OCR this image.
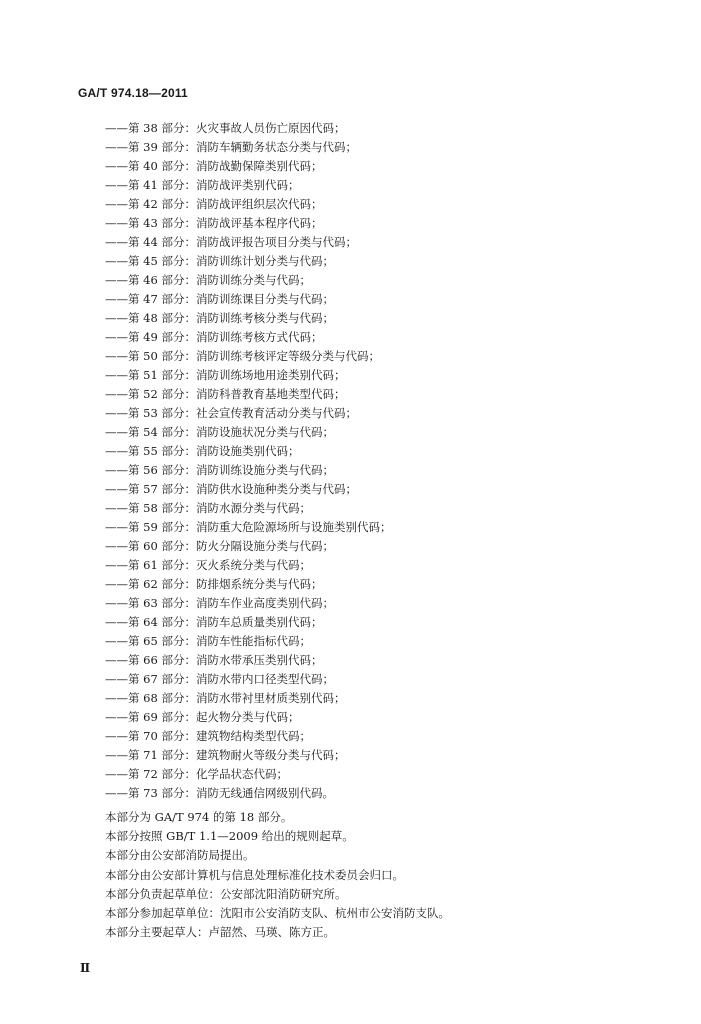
GA/T 974.18—2011
——第 38 部分：火灾事故人员伤亡原因代码；
——第 39 部分：消防车辆勤务状态分类与代码；
——第 40 部分：消防战勤保障类别代码；
——第 41 部分：消防战评类别代码；
——第 42 部分：消防战评组织层次代码；
——第 43 部分：消防战评基本程序代码；
——第 44 部分：消防战评报告项目分类与代码；
——第 45 部分：消防训练计划分类与代码；
——第 46 部分：消防训练分类与代码；
——第 47 部分：消防训练课目分类与代码；
——第 48 部分：消防训练考核分类与代码；
——第 49 部分：消防训练考核方式代码；
——第 50 部分：消防训练考核评定等级分类与代码；
——第 51 部分：消防训练场地用途类别代码；
——第 52 部分：消防科普教育基地类型代码；
——第 53 部分：社会宣传教育活动分类与代码；
——第 54 部分：消防设施状况分类与代码；
——第 55 部分：消防设施类别代码；
——第 56 部分：消防训练设施分类与代码；
——第 57 部分：消防供水设施种类分类与代码；
——第 58 部分：消防水源分类与代码；
——第 59 部分：消防重大危险源场所与设施类别代码；
——第 60 部分：防火分隔设施分类与代码；
——第 61 部分：灭火系统分类与代码；
——第 62 部分：防排烟系统分类与代码；
——第 63 部分：消防车作业高度类别代码；
——第 64 部分：消防车总质量类别代码；
——第 65 部分：消防车性能指标代码；
——第 66 部分：消防水带承压类别代码；
——第 67 部分：消防水带内口径类型代码；
——第 68 部分：消防水带衬里材质类别代码；
——第 69 部分：起火物分类与代码；
——第 70 部分：建筑物结构类型代码；
——第 71 部分：建筑物耐火等级分类与代码；
——第 72 部分：化学品状态代码；
——第 73 部分：消防无线通信网级别代码。

本部分为 GA/T 974 的第 18 部分。

本部分按照 GB/T 1.1—2009 给出的规则起草。

本部分由公安部消防局提出。

本部分由公安部计算机与信息处理标准化技术委员会归口。

本部分负责起草单位：公安部沈阳消防研究所。

本部分参加起草单位：沈阳市公安消防支队、杭州市公安消防支队。

本部分主要起草人：卢韶然、马瑛、陈方正。

Ⅱ
